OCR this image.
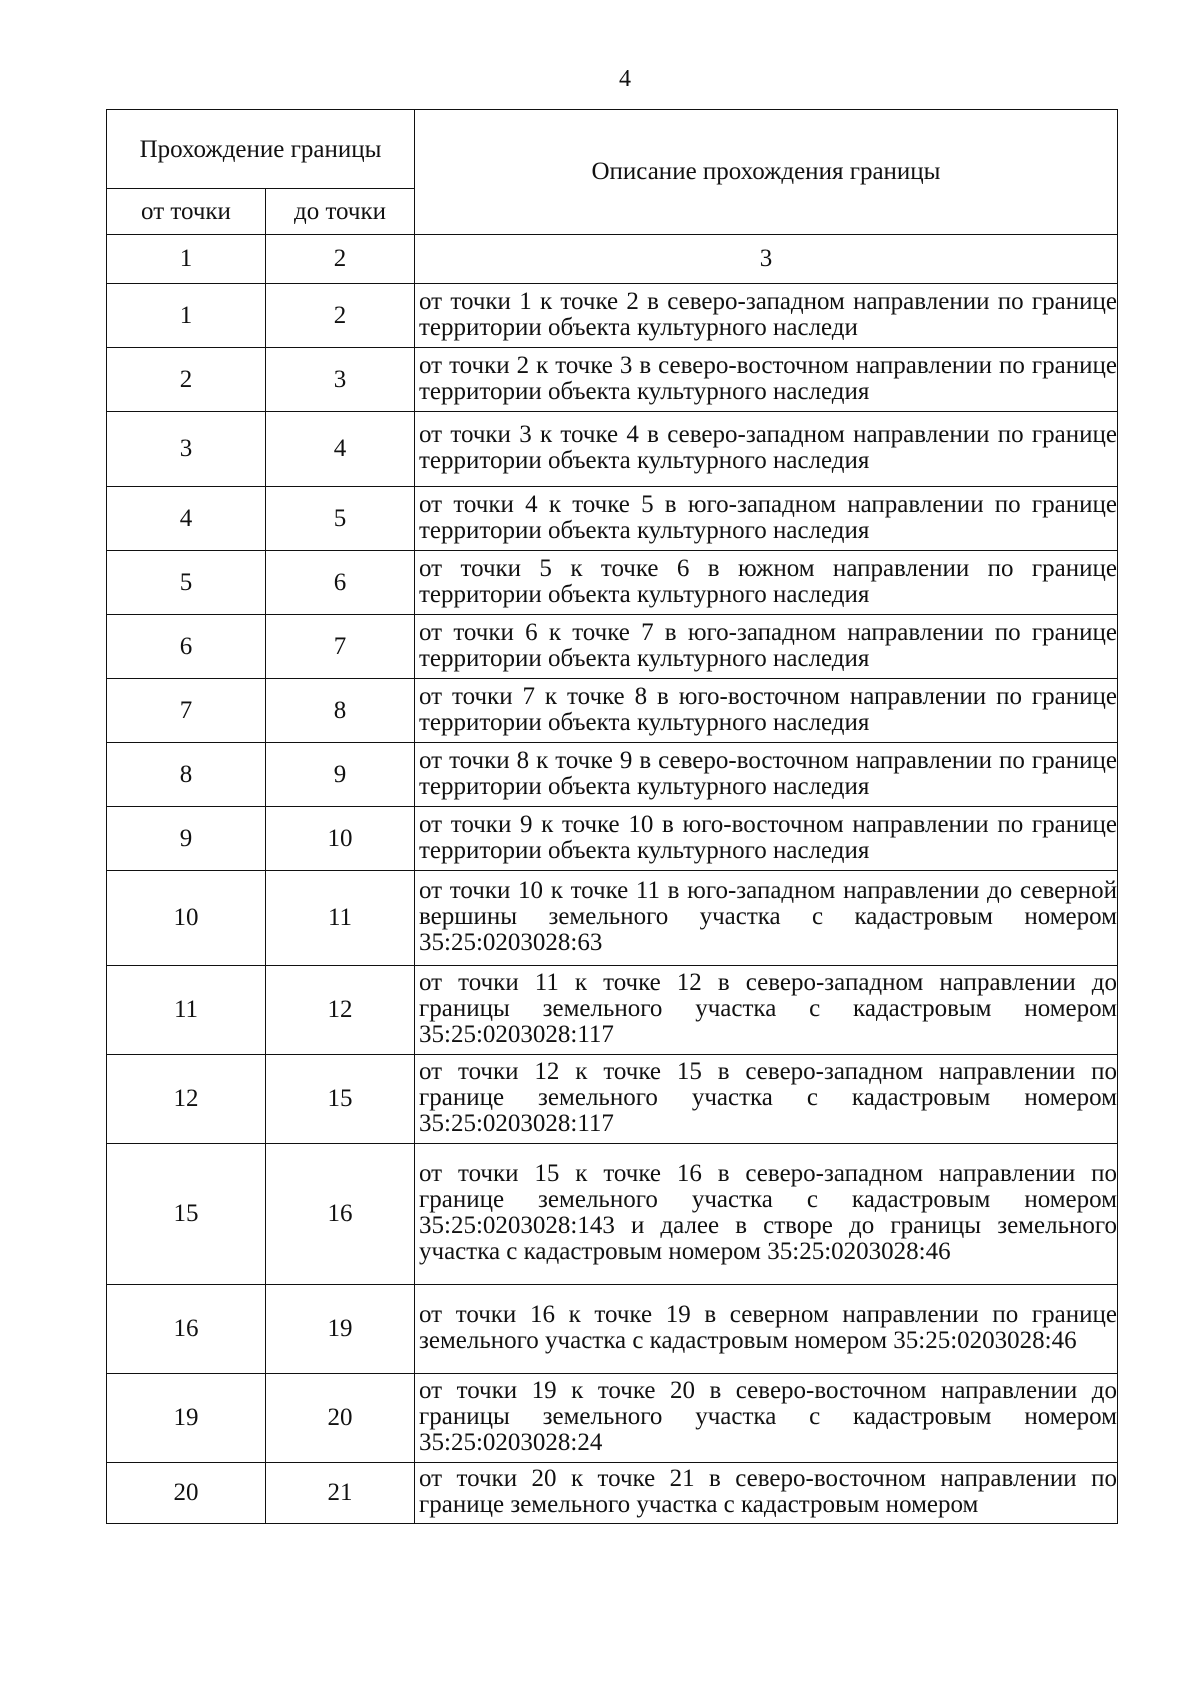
4
Прохождение границы		Описание прохождения границы
от точки	до точки	
1	2	3
1	2	от точки 1 к точке 2 в северо-западном направлении по границе территории объекта культурного наследи
2	3	от точки 2 к точке 3 в северо-восточном направлении по границе территории объекта культурного наследия
3	4	от точки 3 к точке 4 в северо-западном направлении по границе территории объекта культурного наследия
4	5	от точки 4 к точке 5 в юго-западном направлении по границе территории объекта культурного наследия
5	6	от точки 5 к точке 6 в южном направлении по границе территории объекта культурного наследия
6	7	от точки 6 к точке 7 в юго-западном направлении по границе территории объекта культурного наследия
7	8	от точки 7 к точке 8 в юго-восточном направлении по границе территории объекта культурного наследия
8	9	от точки 8 к точке 9 в северо-восточном направлении по границе территории объекта культурного наследия
9	10	от точки 9 к точке 10 в юго-восточном направлении по границе территории объекта культурного наследия
10	11	от точки 10 к точке 11 в юго-западном направлении до северной вершины земельного участка с кадастровым номером 35:25:0203028:63
11	12	от точки 11 к точке 12 в северо-западном направлении до границы земельного участка с кадастровым номером 35:25:0203028:117
12	15	от точки 12 к точке 15 в северо-западном направлении по границе земельного участка с кадастровым номером 35:25:0203028:117
15	16	от точки 15 к точке 16 в северо-западном направлении по границе земельного участка с кадастровым номером 35:25:0203028:143 и далее в створе до границы земельного участка с кадастровым номером 35:25:0203028:46
16	19	от точки 16 к точке 19 в северном направлении по границе земельного участка с кадастровым номером 35:25:0203028:46
19	20	от точки 19 к точке 20 в северо-восточном направлении до границы земельного участка с кадастровым номером 35:25:0203028:24
20	21	от точки 20 к точке 21 в северо-восточном направлении по границе земельного участка с кадастровым номером
